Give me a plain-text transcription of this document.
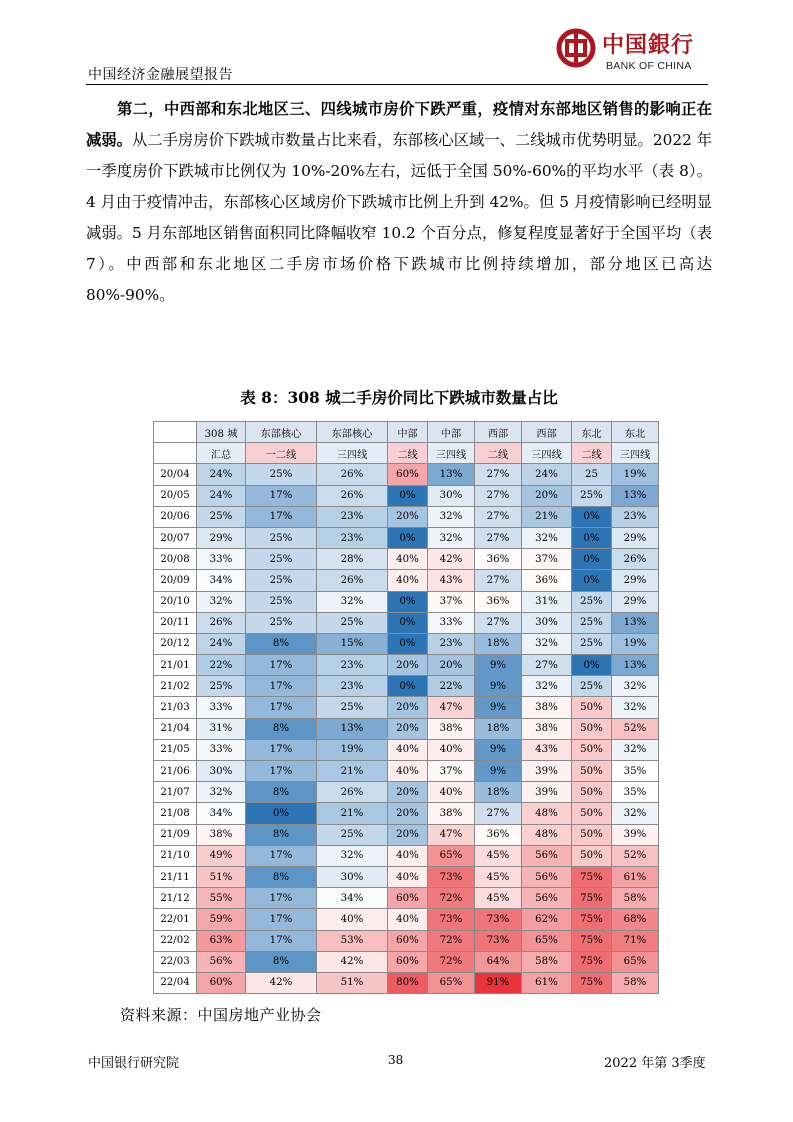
中国经济金融展望报告
中国銀行
BANK OF CHINA

第二，中西部和东北地区三、四线城市房价下跌严重，疫情对东部地区销售的影响正在减弱。从二手房房价下跌城市数量占比来看，东部核心区域一、二线城市优势明显。2022 年一季度房价下跌城市比例仅为 10%-20%左右，远低于全国 50%-60%的平均水平（表 8）。4 月由于疫情冲击，东部核心区域房价下跌城市比例上升到 42%。但 5 月疫情影响已经明显减弱。5 月东部地区销售面积同比降幅收窄 10.2 个百分点，修复程度显著好于全国平均（表 7）。中西部和东北地区二手房市场价格下跌城市比例持续增加，部分地区已高达 80%-90%。

表 8：308 城二手房价同比下跌城市数量占比
	308 城	东部核心	东部核心	中部	中部	西部	西部	东北	东北
	汇总	一二线	三四线	二线	三四线	二线	三四线	二线	三四线
20/04	24%	25%	26%	60%	13%	27%	24%	25	19%
20/05	24%	17%	26%	0%	30%	27%	20%	25%	13%
20/06	25%	17%	23%	20%	32%	27%	21%	0%	23%
20/07	29%	25%	23%	0%	32%	27%	32%	0%	29%
20/08	33%	25%	28%	40%	42%	36%	37%	0%	26%
20/09	34%	25%	26%	40%	43%	27%	36%	0%	29%
20/10	32%	25%	32%	0%	37%	36%	31%	25%	29%
20/11	26%	25%	25%	0%	33%	27%	30%	25%	13%
20/12	24%	8%	15%	0%	23%	18%	32%	25%	19%
21/01	22%	17%	23%	20%	20%	9%	27%	0%	13%
21/02	25%	17%	23%	0%	22%	9%	32%	25%	32%
21/03	33%	17%	25%	20%	47%	9%	38%	50%	32%
21/04	31%	8%	13%	20%	38%	18%	38%	50%	52%
21/05	33%	17%	19%	40%	40%	9%	43%	50%	32%
21/06	30%	17%	21%	40%	37%	9%	39%	50%	35%
21/07	32%	8%	26%	20%	40%	18%	39%	50%	35%
21/08	34%	0%	21%	20%	38%	27%	48%	50%	32%
21/09	38%	8%	25%	20%	47%	36%	48%	50%	39%
21/10	49%	17%	32%	40%	65%	45%	56%	50%	52%
21/11	51%	8%	30%	40%	73%	45%	56%	75%	61%
21/12	55%	17%	34%	60%	72%	45%	56%	75%	58%
22/01	59%	17%	40%	40%	73%	73%	62%	75%	68%
22/02	63%	17%	53%	60%	72%	73%	65%	75%	71%
22/03	56%	8%	42%	60%	72%	64%	58%	75%	65%
22/04	60%	42%	51%	80%	65%	91%	61%	75%	58%
资料来源：中国房地产业协会
中国银行研究院	38	2022 年第 3季度
